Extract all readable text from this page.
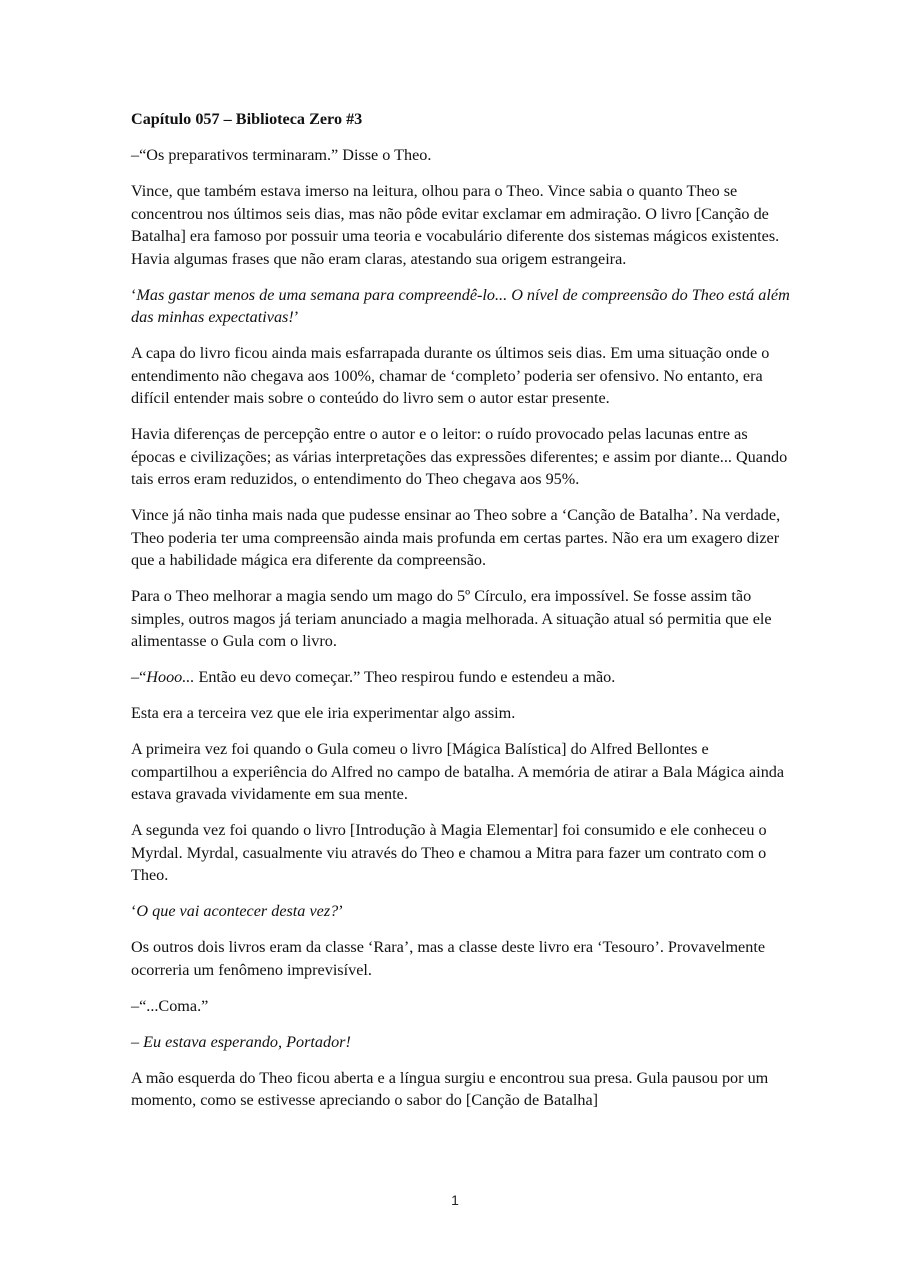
Capítulo 057 – Biblioteca Zero #3

–“Os preparativos terminaram.” Disse o Theo.

Vince, que também estava imerso na leitura, olhou para o Theo. Vince sabia o quanto Theo se concentrou nos últimos seis dias, mas não pôde evitar exclamar em admiração. O livro [Canção de Batalha] era famoso por possuir uma teoria e vocabulário diferente dos sistemas mágicos existentes. Havia algumas frases que não eram claras, atestando sua origem estrangeira.

‘Mas gastar menos de uma semana para compreendê-lo... O nível de compreensão do Theo está além das minhas expectativas!’

A capa do livro ficou ainda mais esfarrapada durante os últimos seis dias. Em uma situação onde o entendimento não chegava aos 100%, chamar de ‘completo’ poderia ser ofensivo. No entanto, era difícil entender mais sobre o conteúdo do livro sem o autor estar presente.

Havia diferenças de percepção entre o autor e o leitor: o ruído provocado pelas lacunas entre as épocas e civilizações; as várias interpretações das expressões diferentes; e assim por diante... Quando tais erros eram reduzidos, o entendimento do Theo chegava aos 95%.

Vince já não tinha mais nada que pudesse ensinar ao Theo sobre a ‘Canção de Batalha’. Na verdade, Theo poderia ter uma compreensão ainda mais profunda em certas partes. Não era um exagero dizer que a habilidade mágica era diferente da compreensão.

Para o Theo melhorar a magia sendo um mago do 5º Círculo, era impossível. Se fosse assim tão simples, outros magos já teriam anunciado a magia melhorada. A situação atual só permitia que ele alimentasse o Gula com o livro.

–“Hooo... Então eu devo começar.” Theo respirou fundo e estendeu a mão.

Esta era a terceira vez que ele iria experimentar algo assim.

A primeira vez foi quando o Gula comeu o livro [Mágica Balística] do Alfred Bellontes e compartilhou a experiência do Alfred no campo de batalha. A memória de atirar a Bala Mágica ainda estava gravada vividamente em sua mente.

A segunda vez foi quando o livro [Introdução à Magia Elementar] foi consumido e ele conheceu o Myrdal. Myrdal, casualmente viu através do Theo e chamou a Mitra para fazer um contrato com o Theo.

‘O que vai acontecer desta vez?’

Os outros dois livros eram da classe ‘Rara’, mas a classe deste livro era ‘Tesouro’. Provavelmente ocorreria um fenômeno imprevisível.

–“...Coma.”

– Eu estava esperando, Portador!

A mão esquerda do Theo ficou aberta e a língua surgiu e encontrou sua presa. Gula pausou por um momento, como se estivesse apreciando o sabor do [Canção de Batalha]

1
